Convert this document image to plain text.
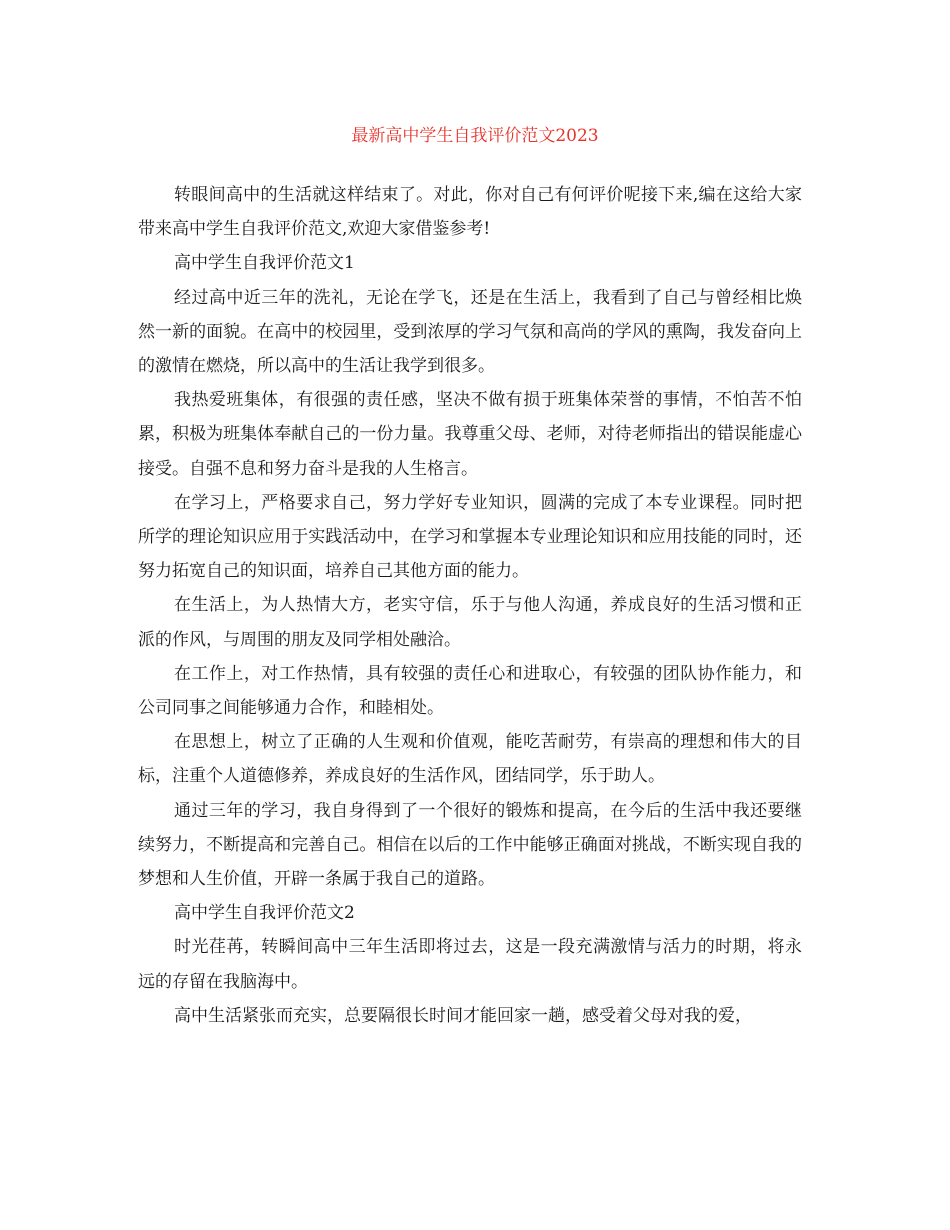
最新高中学生自我评价范文2023

转眼间高中的生活就这样结束了。对此，你对自己有何评价呢接下来,编在这给大家带来高中学生自我评价范文,欢迎大家借鉴参考!

高中学生自我评价范文1

经过高中近三年的洗礼，无论在学飞，还是在生活上，我看到了自己与曾经相比焕然一新的面貌。在高中的校园里，受到浓厚的学习气氛和高尚的学风的熏陶，我发奋向上的激情在燃烧，所以高中的生活让我学到很多。

我热爱班集体，有很强的责任感，坚决不做有损于班集体荣誉的事情，不怕苦不怕累，积极为班集体奉献自己的一份力量。我尊重父母、老师，对待老师指出的错误能虚心接受。自强不息和努力奋斗是我的人生格言。

在学习上，严格要求自己，努力学好专业知识，圆满的完成了本专业课程。同时把所学的理论知识应用于实践活动中，在学习和掌握本专业理论知识和应用技能的同时，还努力拓宽自己的知识面，培养自己其他方面的能力。

在生活上，为人热情大方，老实守信，乐于与他人沟通，养成良好的生活习惯和正派的作风，与周围的朋友及同学相处融洽。

在工作上，对工作热情，具有较强的责任心和进取心，有较强的团队协作能力，和公司同事之间能够通力合作，和睦相处。

在思想上，树立了正确的人生观和价值观，能吃苦耐劳，有崇高的理想和伟大的目标，注重个人道德修养，养成良好的生活作风，团结同学，乐于助人。

通过三年的学习，我自身得到了一个很好的锻炼和提高，在今后的生活中我还要继续努力，不断提高和完善自己。相信在以后的工作中能够正确面对挑战，不断实现自我的梦想和人生价值，开辟一条属于我自己的道路。

高中学生自我评价范文2

时光荏苒，转瞬间高中三年生活即将过去，这是一段充满激情与活力的时期，将永远的存留在我脑海中。

高中生活紧张而充实，总要隔很长时间才能回家一趟，感受着父母对我的爱，
